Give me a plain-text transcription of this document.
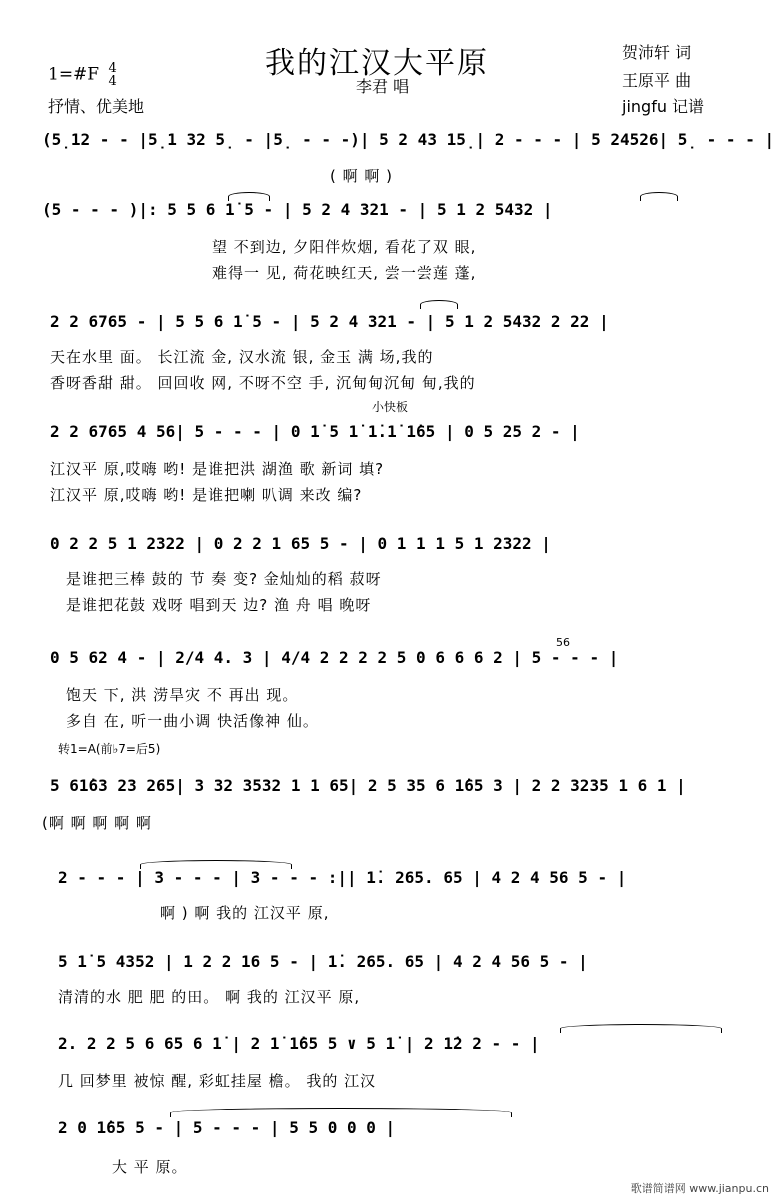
我的江汉大平原
李君 唱
1=#F 4
4
抒情、优美地
贺沛轩 词
王原平 曲
jingfu 记谱
(5̣12 - - |5̣1 32 5̣ - |5̣ - - -)| 5 2 43 15̣| 2 - - - | 5 24526| 5̣ - - - |
( 啊 啊 )
(5 - - - )|: 5 5 6 1̇ 5 - | 5 2 4 321 - | 5 1 2 5432 |
望 不到边, 夕阳伴炊烟, 看花了双 眼,
难得一 见, 荷花映红天, 尝一尝莲 蓬,
2 2 6765 - | 5 5 6 1̇ 5 - | 5 2 4 321 - | 5 1 2 5432 2 22 |
天在水里 面。 长江流 金, 汉水流 银, 金玉 满 场,我的
香呀香甜 甜。 回回收 网, 不呀不空 手, 沉甸甸沉甸 甸,我的
小快板
2 2 6765 4 56| 5 - - - | 0 1̇ 5 1̇ 1̇.1̇ 1̇65 | 0 5 25 2 - |
江汉平 原,哎嗨 哟! 是谁把洪 湖渔 歌 新词 填?
江汉平 原,哎嗨 哟! 是谁把喇 叭调 来改 编?
0 2 2 5 1 2322 | 0 2 2 1 65 5 - | 0 1 1 1 5 1 2322 |
是谁把三棒 鼓的 节 奏 变? 金灿灿的稻 菽呀
是谁把花鼓 戏呀 唱到天 边? 渔 舟 唱 晚呀
0 5 62 4 - | 2/4 4. 3 | 4/4 2 2 2 2 5 0 6 6 6 2 | 5 - - - |
56
饱天 下, 洪 涝旱灾 不 再出 现。
多自 在, 听一曲小调 快活像神 仙。
转1=A(前♭7=后5)
5 61̇63 23 265| 3 32 3532 1 1 65| 2 5 35 6 1̇65 3 | 2 2 3235 1 6 1 |
(啊 啊 啊 啊 啊
2 - - - | 3 - - - | 3 - - - :|| 1̇. 265. 65 | 4 2 4 56 5 - |
啊 ) 啊 我的 江汉平 原,
5 1̇ 5 4352 | 1 2 2 16 5 - | 1̇. 265. 65 | 4 2 4 56 5 - |
清清的水 肥 肥 的田。 啊 我的 江汉平 原,
2. 2 2 5 6 65 6 1̇ | 2 1̇ 1̇65 5 ∨ 5 1̇ | 2 1̇2 2 - - |
几 回梦里 被惊 醒, 彩虹挂屋 檐。 我的 江汉
2 0 1̇65 5 - | 5 - - - | 5 5 0 0 0 |
大 平 原。
歌谱简谱网 www.jianpu.cn
